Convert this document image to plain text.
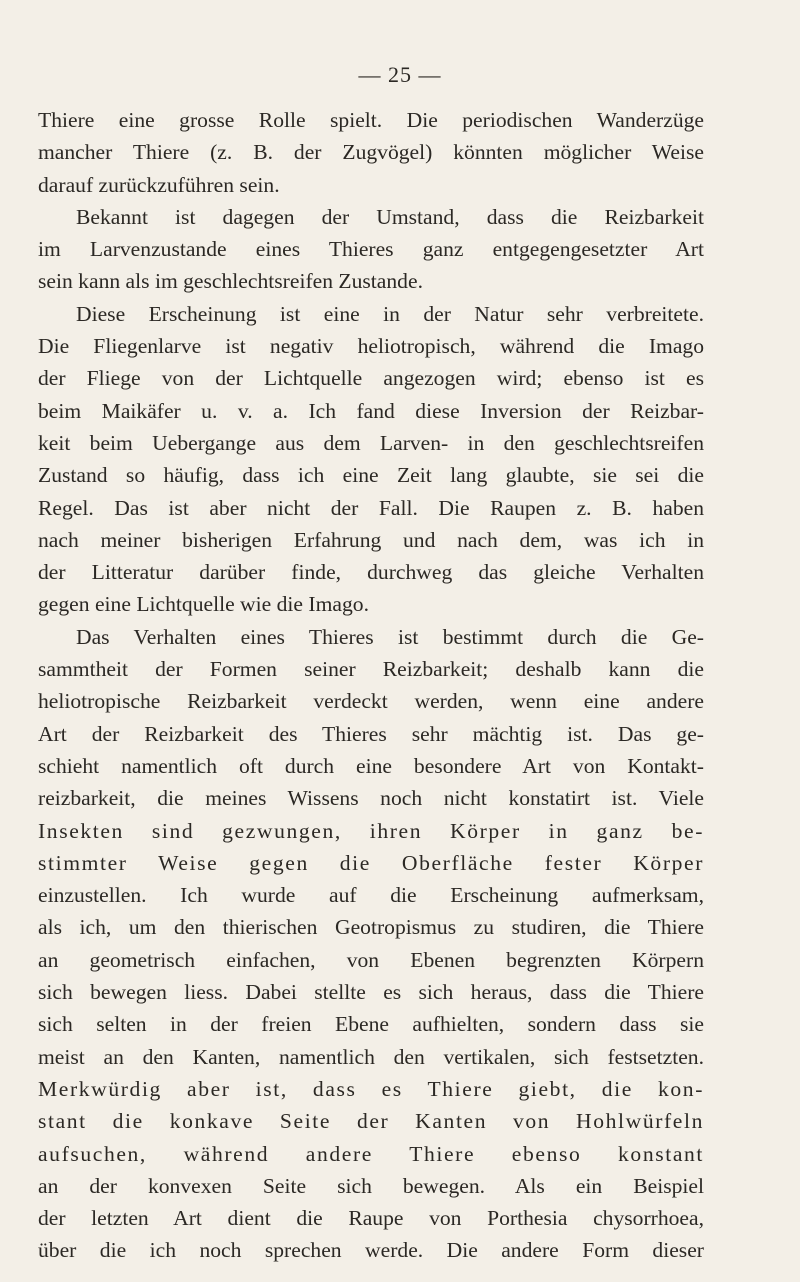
— 25 —
Thiere eine grosse Rolle spielt. Die periodischen Wanderzüge
mancher Thiere (z. B. der Zugvögel) könnten möglicher Weise
darauf zurückzuführen sein.
Bekannt ist dagegen der Umstand, dass die Reizbarkeit
im Larvenzustande eines Thieres ganz entgegengesetzter Art
sein kann als im geschlechtsreifen Zustande.
Diese Erscheinung ist eine in der Natur sehr verbreitete.
Die Fliegenlarve ist negativ heliotropisch, während die Imago
der Fliege von der Lichtquelle angezogen wird; ebenso ist es
beim Maikäfer u. v. a. Ich fand diese Inversion der Reizbar-
keit beim Uebergange aus dem Larven- in den geschlechtsreifen
Zustand so häufig, dass ich eine Zeit lang glaubte, sie sei die
Regel. Das ist aber nicht der Fall. Die Raupen z. B. haben
nach meiner bisherigen Erfahrung und nach dem, was ich in
der Litteratur darüber finde, durchweg das gleiche Verhalten
gegen eine Lichtquelle wie die Imago.
Das Verhalten eines Thieres ist bestimmt durch die Ge-
sammtheit der Formen seiner Reizbarkeit; deshalb kann die
heliotropische Reizbarkeit verdeckt werden, wenn eine andere
Art der Reizbarkeit des Thieres sehr mächtig ist. Das ge-
schieht namentlich oft durch eine besondere Art von Kontakt-
reizbarkeit, die meines Wissens noch nicht konstatirt ist. Viele
Insekten sind gezwungen, ihren Körper in ganz be-
stimmter Weise gegen die Oberfläche fester Körper
einzustellen. Ich wurde auf die Erscheinung aufmerksam,
als ich, um den thierischen Geotropismus zu studiren, die Thiere
an geometrisch einfachen, von Ebenen begrenzten Körpern
sich bewegen liess. Dabei stellte es sich heraus, dass die Thiere
sich selten in der freien Ebene aufhielten, sondern dass sie
meist an den Kanten, namentlich den vertikalen, sich festsetzten.
Merkwürdig aber ist, dass es Thiere giebt, die kon-
stant die konkave Seite der Kanten von Hohlwürfeln
aufsuchen, während andere Thiere ebenso konstant
an der konvexen Seite sich bewegen. Als ein Beispiel
der letzten Art dient die Raupe von Porthesia chysorrhoea,
über die ich noch sprechen werde. Die andere Form dieser
